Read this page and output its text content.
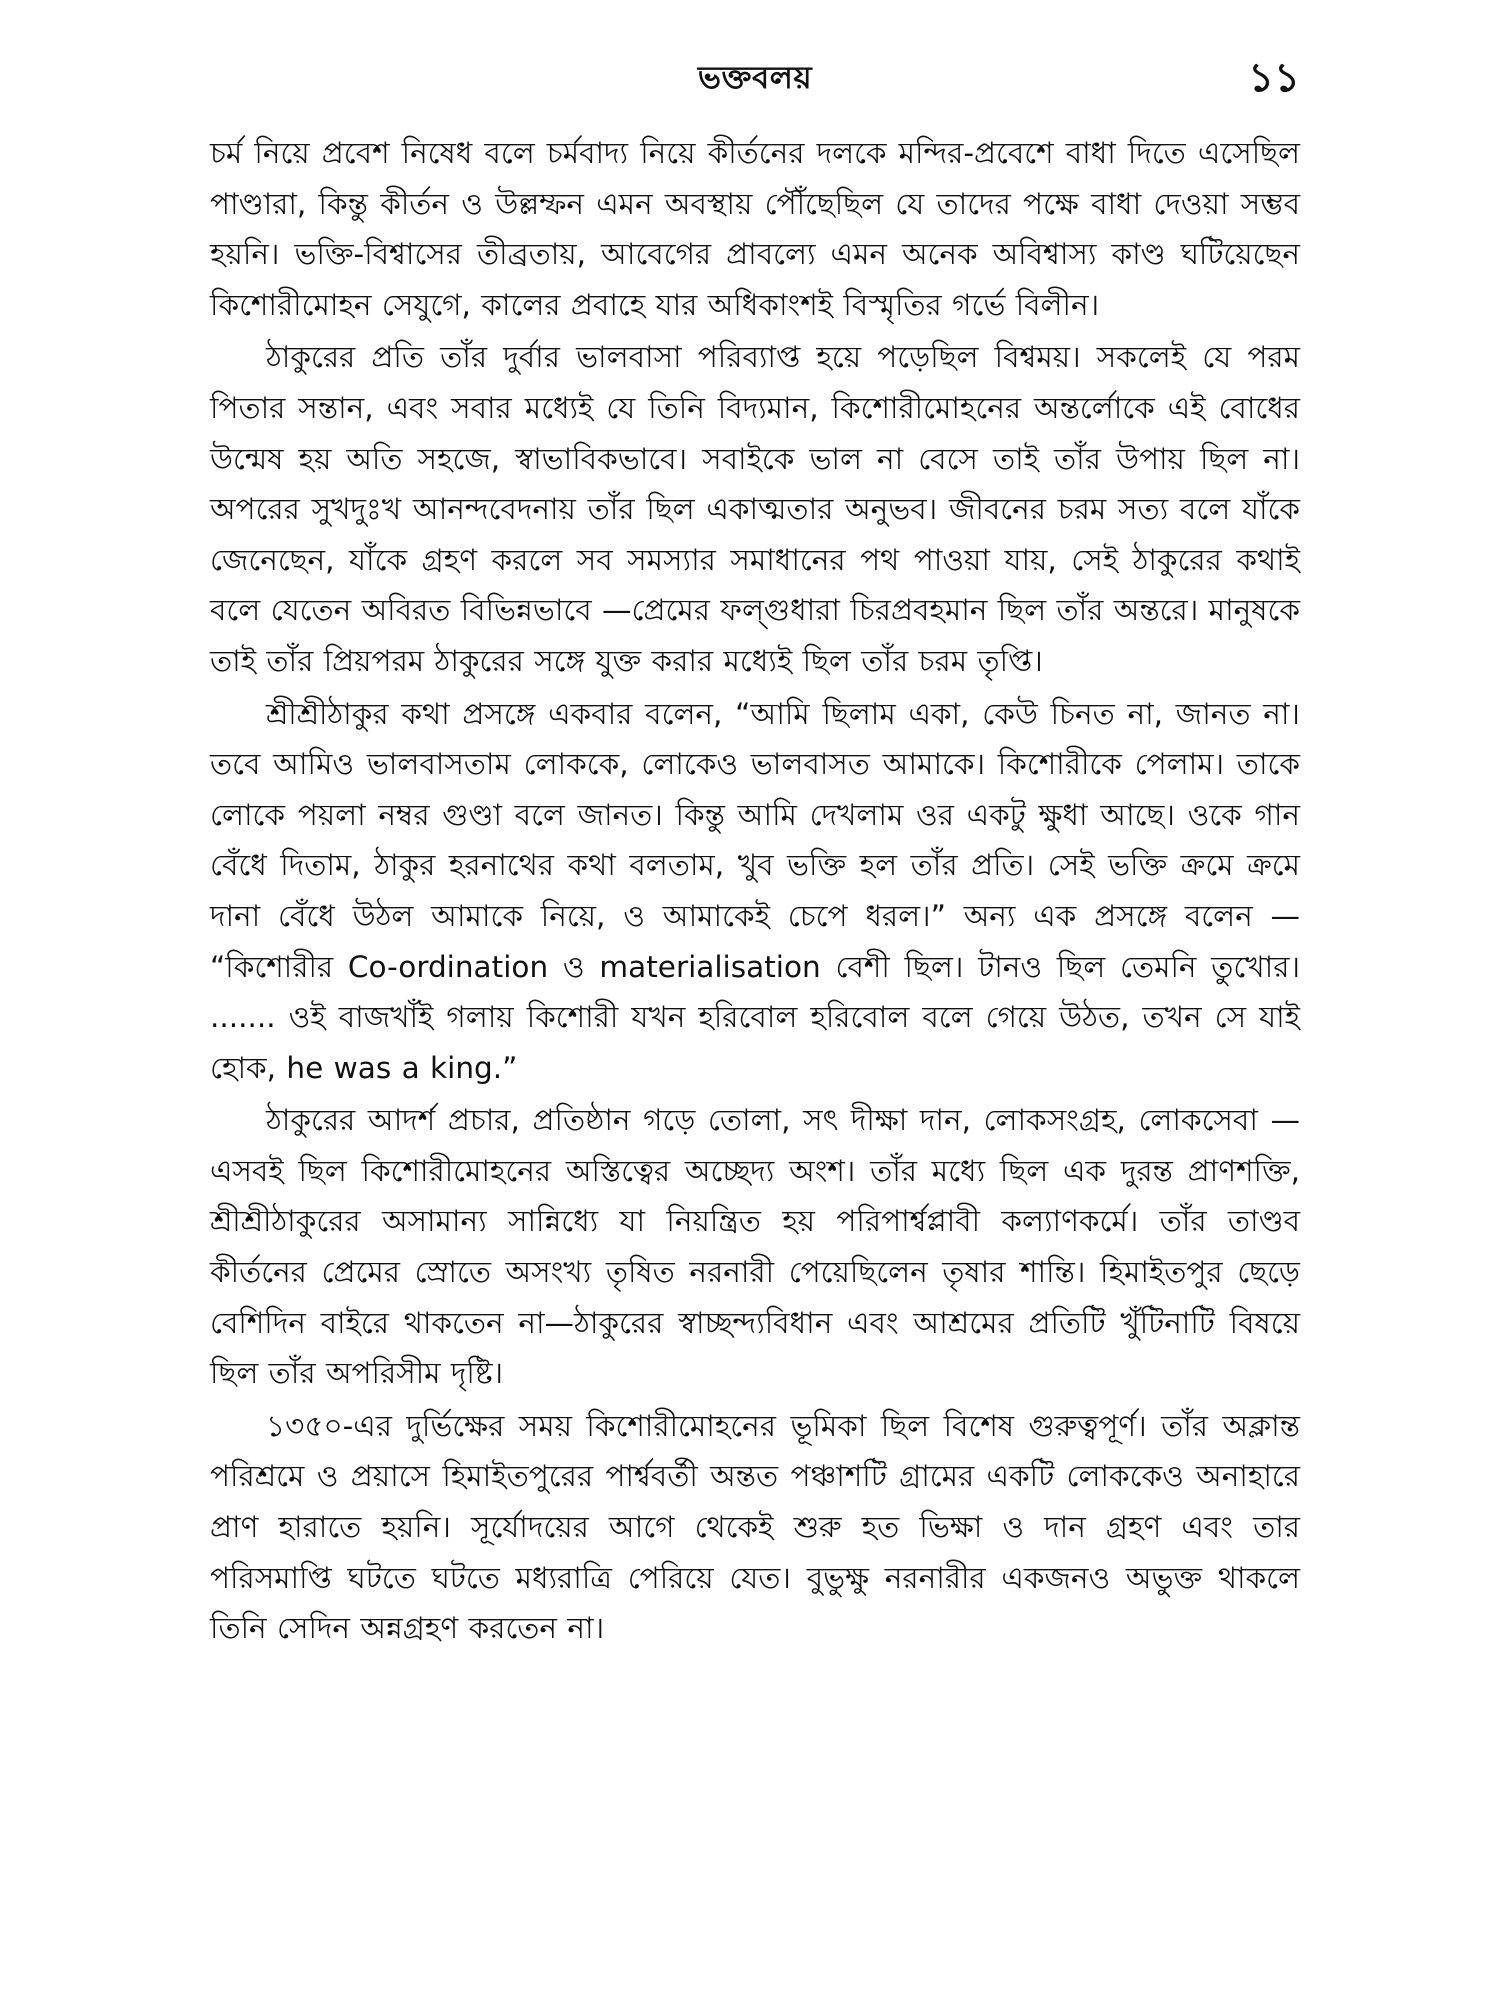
ভক্তবলয়	১১

চর্ম নিয়ে প্রবেশ নিষেধ বলে চর্মবাদ্য নিয়ে কীর্তনের দলকে মন্দির-প্রবেশে বাধা দিতে এসেছিল পাণ্ডারা, কিন্তু কীর্তন ও উল্লম্ফন এমন অবস্থায় পৌঁছেছিল যে তাদের পক্ষে বাধা দেওয়া সম্ভব হয়নি। ভক্তি-বিশ্বাসের তীব্রতায়, আবেগের প্রাবল্যে এমন অনেক অবিশ্বাস্য কাণ্ড ঘটিয়েছেন কিশোরীমোহন সেযুগে, কালের প্রবাহে যার অধিকাংশই বিস্মৃতির গর্ভে বিলীন।

ঠাকুরের প্রতি তাঁর দুর্বার ভালবাসা পরিব্যাপ্ত হয়ে পড়েছিল বিশ্বময়। সকলেই যে পরম পিতার সন্তান, এবং সবার মধ্যেই যে তিনি বিদ্যমান, কিশোরীমোহনের অন্তর্লোকে এই বোধের উন্মেষ হয় অতি সহজে, স্বাভাবিকভাবে। সবাইকে ভাল না বেসে তাই তাঁর উপায় ছিল না। অপরের সুখদুঃখ আনন্দবেদনায় তাঁর ছিল একাত্মতার অনুভব। জীবনের চরম সত্য বলে যাঁকে জেনেছেন, যাঁকে গ্রহণ করলে সব সমস্যার সমাধানের পথ পাওয়া যায়, সেই ঠাকুরের কথাই বলে যেতেন অবিরত বিভিন্নভাবে —প্রেমের ফল্গুধারা চিরপ্রবহমান ছিল তাঁর অন্তরে। মানুষকে তাই তাঁর প্রিয়পরম ঠাকুরের সঙ্গে যুক্ত করার মধ্যেই ছিল তাঁর চরম তৃপ্তি।

শ্রীশ্রীঠাকুর কথা প্রসঙ্গে একবার বলেন, “আমি ছিলাম একা, কেউ চিনত না, জানত না। তবে আমিও ভালবাসতাম লোককে, লোকেও ভালবাসত আমাকে। কিশোরীকে পেলাম। তাকে লোকে পয়লা নম্বর গুণ্ডা বলে জানত। কিন্তু আমি দেখলাম ওর একটু ক্ষুধা আছে। ওকে গান বেঁধে দিতাম, ঠাকুর হরনাথের কথা বলতাম, খুব ভক্তি হল তাঁর প্রতি। সেই ভক্তি ক্রমে ক্রমে দানা বেঁধে উঠল আমাকে নিয়ে, ও আমাকেই চেপে ধরল।” অন্য এক প্রসঙ্গে বলেন — “কিশোরীর Co-ordination ও materialisation বেশী ছিল। টানও ছিল তেমনি তুখোর। ....... ওই বাজখাঁই গলায় কিশোরী যখন হরিবোল হরিবোল বলে গেয়ে উঠত, তখন সে যাই হোক, he was a king.”

ঠাকুরের আদর্শ প্রচার, প্রতিষ্ঠান গড়ে তোলা, সৎ দীক্ষা দান, লোকসংগ্রহ, লোকসেবা — এসবই ছিল কিশোরীমোহনের অস্তিত্বের অচ্ছেদ্য অংশ। তাঁর মধ্যে ছিল এক দুরন্ত প্রাণশক্তি, শ্রীশ্রীঠাকুরের অসামান্য সান্নিধ্যে যা নিয়ন্ত্রিত হয় পরিপার্শ্বপ্লাবী কল্যাণকর্মে। তাঁর তাণ্ডব কীর্তনের প্রেমের স্রোতে অসংখ্য তৃষিত নরনারী পেয়েছিলেন তৃষার শান্তি। হিমাইতপুর ছেড়ে বেশিদিন বাইরে থাকতেন না—ঠাকুরের স্বাচ্ছন্দ্যবিধান এবং আশ্রমের প্রতিটি খুঁটিনাটি বিষয়ে ছিল তাঁর অপরিসীম দৃষ্টি।

১৩৫০-এর দুর্ভিক্ষের সময় কিশোরীমোহনের ভূমিকা ছিল বিশেষ গুরুত্বপূর্ণ। তাঁর অক্লান্ত পরিশ্রমে ও প্রয়াসে হিমাইতপুরের পার্শ্ববর্তী অন্তত পঞ্চাশটি গ্রামের একটি লোককেও অনাহারে প্রাণ হারাতে হয়নি। সূর্যোদয়ের আগে থেকেই শুরু হত ভিক্ষা ও দান গ্রহণ এবং তার পরিসমাপ্তি ঘটতে ঘটতে মধ্যরাত্রি পেরিয়ে যেত। বুভুক্ষু নরনারীর একজনও অভুক্ত থাকলে তিনি সেদিন অন্নগ্রহণ করতেন না।
